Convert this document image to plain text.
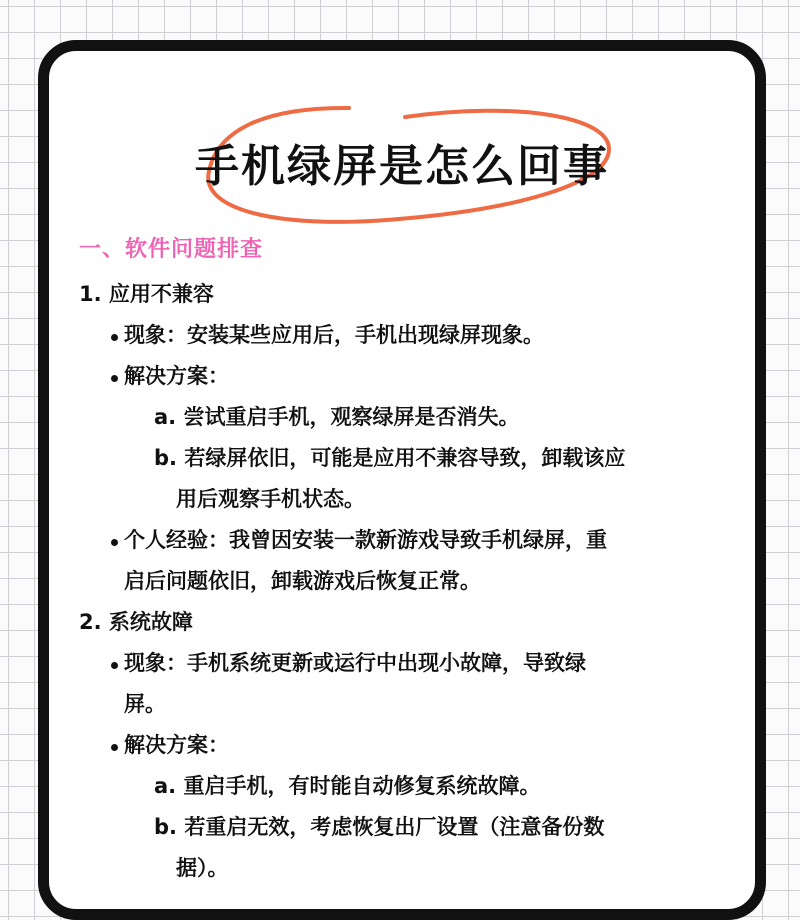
手机绿屏是怎么回事
一、软件问题排查
1. 应用不兼容
现象：安装某些应用后，手机出现绿屏现象。
解决方案：
a. 尝试重启手机，观察绿屏是否消失。
b. 若绿屏依旧，可能是应用不兼容导致，卸载该应
用后观察手机状态。
个人经验：我曾因安装一款新游戏导致手机绿屏，重
启后问题依旧，卸载游戏后恢复正常。
2. 系统故障
现象：手机系统更新或运行中出现小故障，导致绿
屏。
解决方案：
a. 重启手机，有时能自动修复系统故障。
b. 若重启无效，考虑恢复出厂设置（注意备份数
据）。
